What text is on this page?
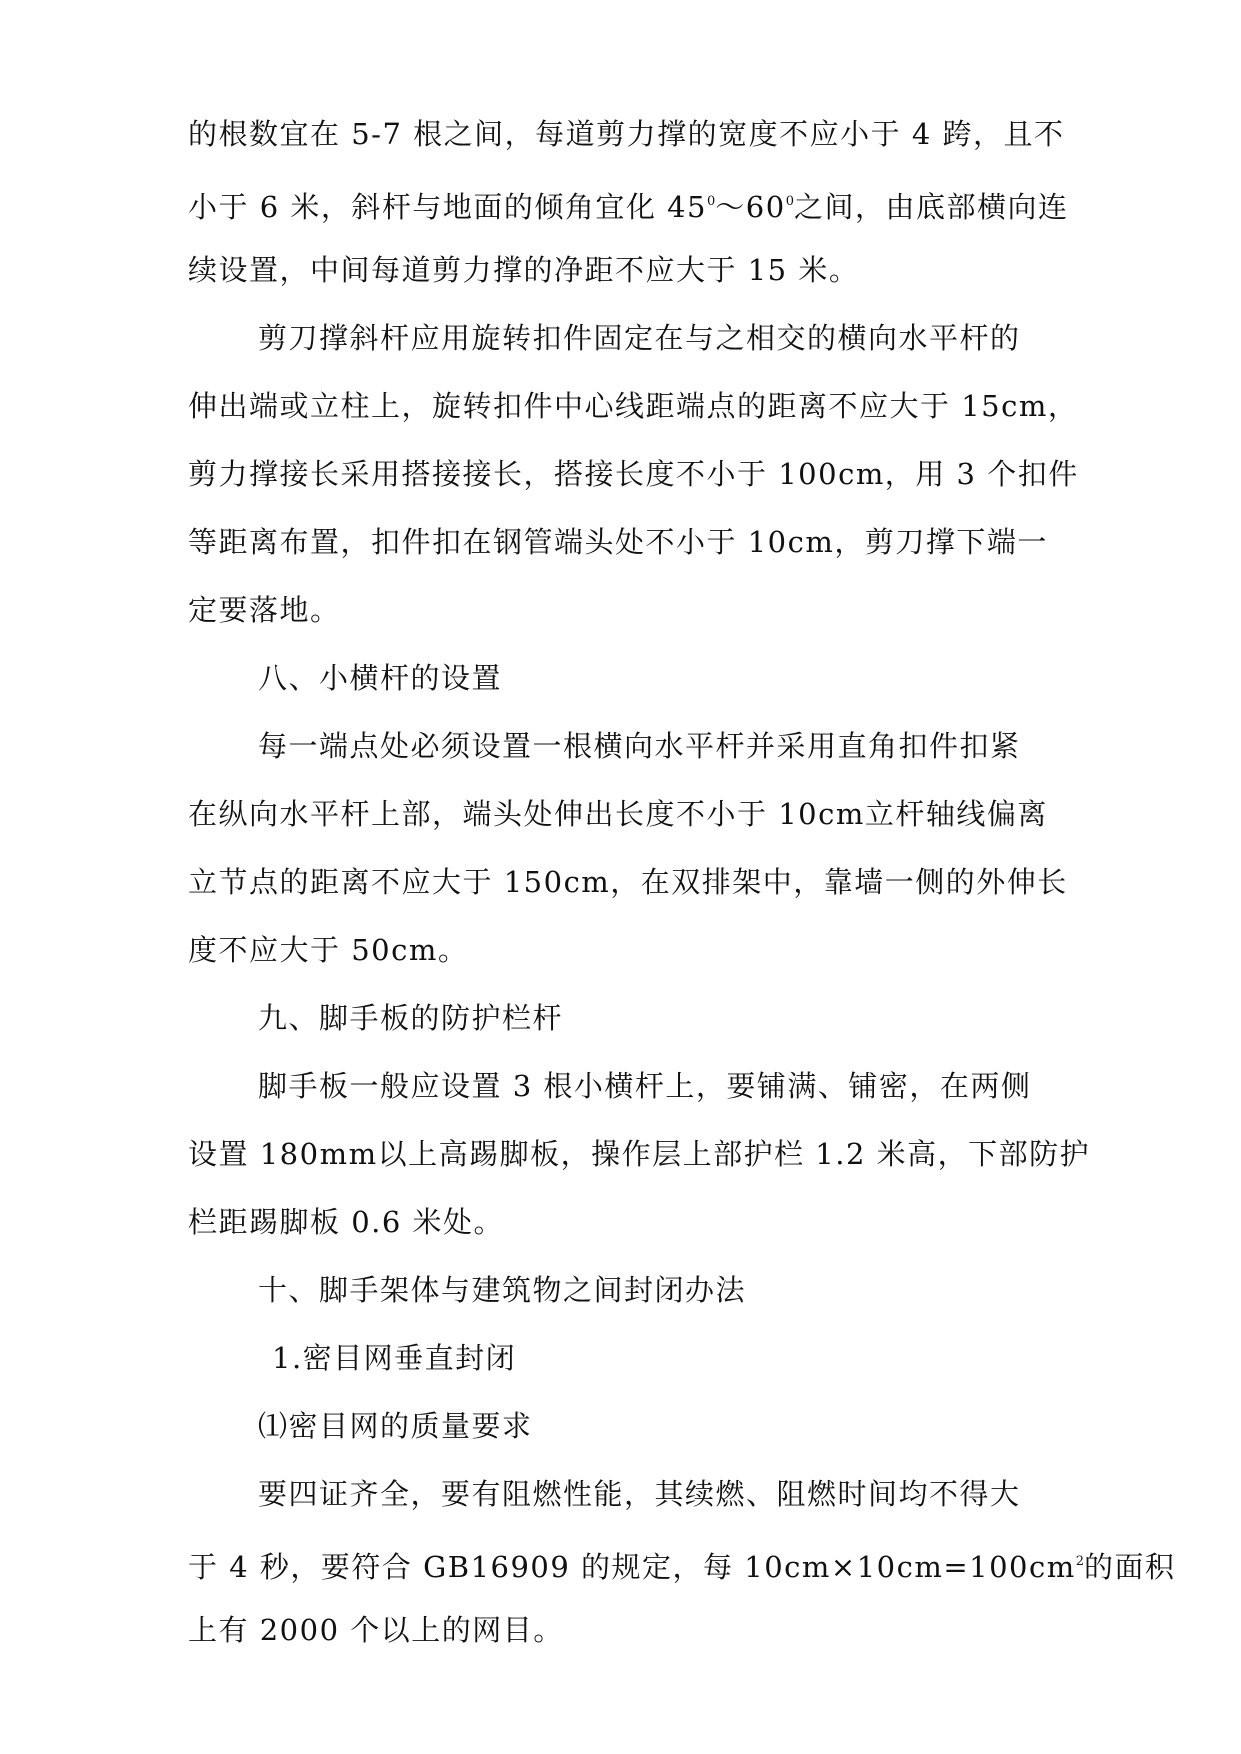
的根数宜在 5-7 根之间，每道剪力撑的宽度不应小于 4 跨，且不
小于 6 米，斜杆与地面的倾角宜化 $45^0\sim 60^0$之间，由底部横向连
续设置，中间每道剪力撑的净距不应大于 15 米。
剪刀撑斜杆应用旋转扣件固定在与之相交的横向水平杆的
伸出端或立柱上，旋转扣件中心线距端点的距离不应大于 15cm，
剪力撑接长采用搭接接长，搭接长度不小于 100cm，用 3 个扣件
等距离布置，扣件扣在钢管端头处不小于 10cm，剪刀撑下端一
定要落地。
八、小横杆的设置
每一端点处必须设置一根横向水平杆并采用直角扣件扣紧
在纵向水平杆上部，端头处伸出长度不小于 10cm立杆轴线偏离
立节点的距离不应大于 150cm，在双排架中，靠墙一侧的外伸长
度不应大于 50cm。
九、脚手板的防护栏杆
脚手板一般应设置 3 根小横杆上，要铺满、铺密，在两侧
设置 180mm以上高踢脚板，操作层上部护栏 1.2 米高，下部防护
栏距踢脚板 0.6 米处。
十、脚手架体与建筑物之间封闭办法
1.密目网垂直封闭
⑴密目网的质量要求
要四证齐全，要有阻燃性能，其续燃、阻燃时间均不得大
于 4 秒，要符合 GB16909 的规定，每 $10cm\times 10cm=100cm^2$的面积
上有 2000 个以上的网目。
